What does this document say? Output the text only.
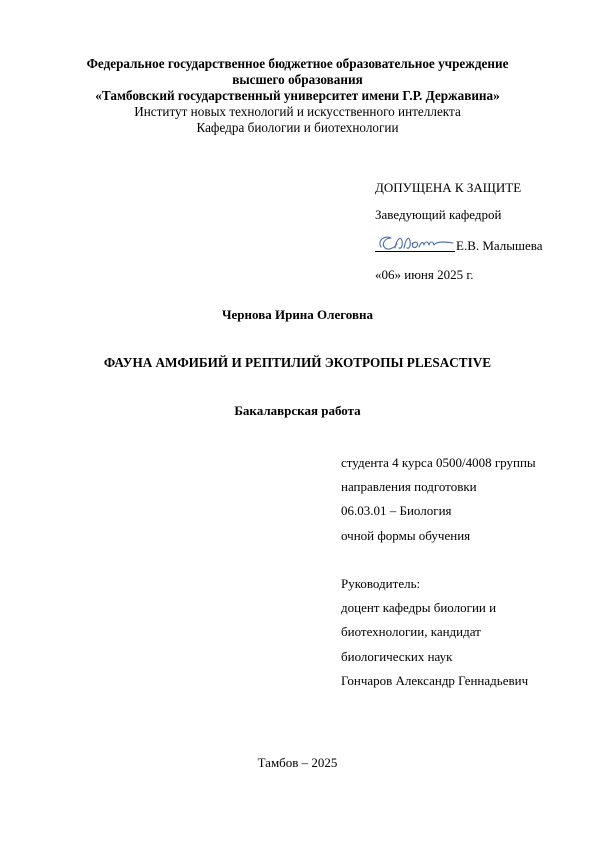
Федеральное государственное бюджетное образовательное учреждение
высшего образования
«Тамбовский государственный университет имени Г.Р. Державина»
Институт новых технологий и искусственного интеллекта
Кафедра биологии и биотехнологии
ДОПУЩЕНА К ЗАЩИТЕ
Заведующий кафедрой
Е.В. Малышева
«06» июня 2025 г.
Чернова Ирина Олеговна
ФАУНА АМФИБИЙ И РЕПТИЛИЙ ЭКОТРОПЫ PLESACTIVE
Бакалаврская работа
студента 4 курса 0500/4008 группы
направления подготовки
06.03.01 – Биология
очной формы обучения
Руководитель:
доцент кафедры биологии и
биотехнологии, кандидат
биологических наук
Гончаров Александр Геннадьевич
Тамбов – 2025
